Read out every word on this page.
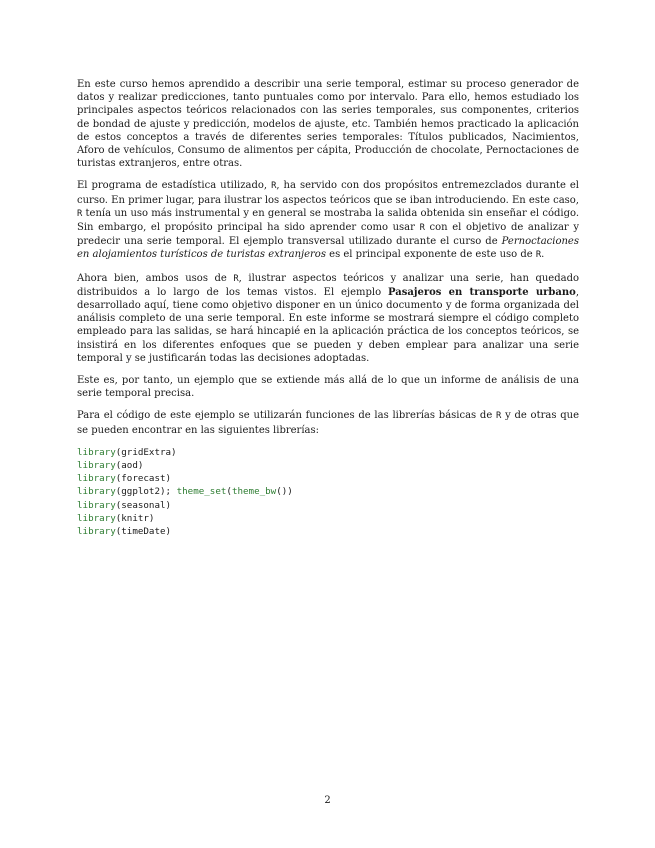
En este curso hemos aprendido a describir una serie temporal, estimar su proceso generador de datos y realizar predicciones, tanto puntuales como por intervalo. Para ello, hemos estudiado los principales aspectos teóricos relacionados con las series temporales, sus componentes, criterios de bondad de ajuste y predicción, modelos de ajuste, etc. También hemos practicado la aplicación de estos conceptos a través de diferentes series temporales: Títulos publicados, Nacimientos, Aforo de vehículos, Consumo de alimentos per cápita, Producción de chocolate, Pernoctaciones de turistas extranjeros, entre otras.

El programa de estadística utilizado, R, ha servido con dos propósitos entremezclados durante el curso. En primer lugar, para ilustrar los aspectos teóricos que se iban introduciendo. En este caso, R tenía un uso más instrumental y en general se mostraba la salida obtenida sin enseñar el código. Sin embargo, el propósito principal ha sido aprender como usar R con el objetivo de analizar y predecir una serie temporal. El ejemplo transversal utilizado durante el curso de Pernoctaciones en alojamientos turísticos de turistas extranjeros es el principal exponente de este uso de R.

Ahora bien, ambos usos de R, ilustrar aspectos teóricos y analizar una serie, han quedado distribuidos a lo largo de los temas vistos. El ejemplo Pasajeros en transporte urbano, desarrollado aquí, tiene como objetivo disponer en un único documento y de forma organizada del análisis completo de una serie temporal. En este informe se mostrará siempre el código completo empleado para las salidas, se hará hincapié en la aplicación práctica de los conceptos teóricos, se insistirá en los diferentes enfoques que se pueden y deben emplear para analizar una serie temporal y se justificarán todas las decisiones adoptadas.

Este es, por tanto, un ejemplo que se extiende más allá de lo que un informe de análisis de una serie temporal precisa.

Para el código de este ejemplo se utilizarán funciones de las librerías básicas de R y de otras que se pueden encontrar en las siguientes librerías:

library(gridExtra)
library(aod)
library(forecast)
library(ggplot2); theme_set(theme_bw())
library(seasonal)
library(knitr)
library(timeDate)
2
